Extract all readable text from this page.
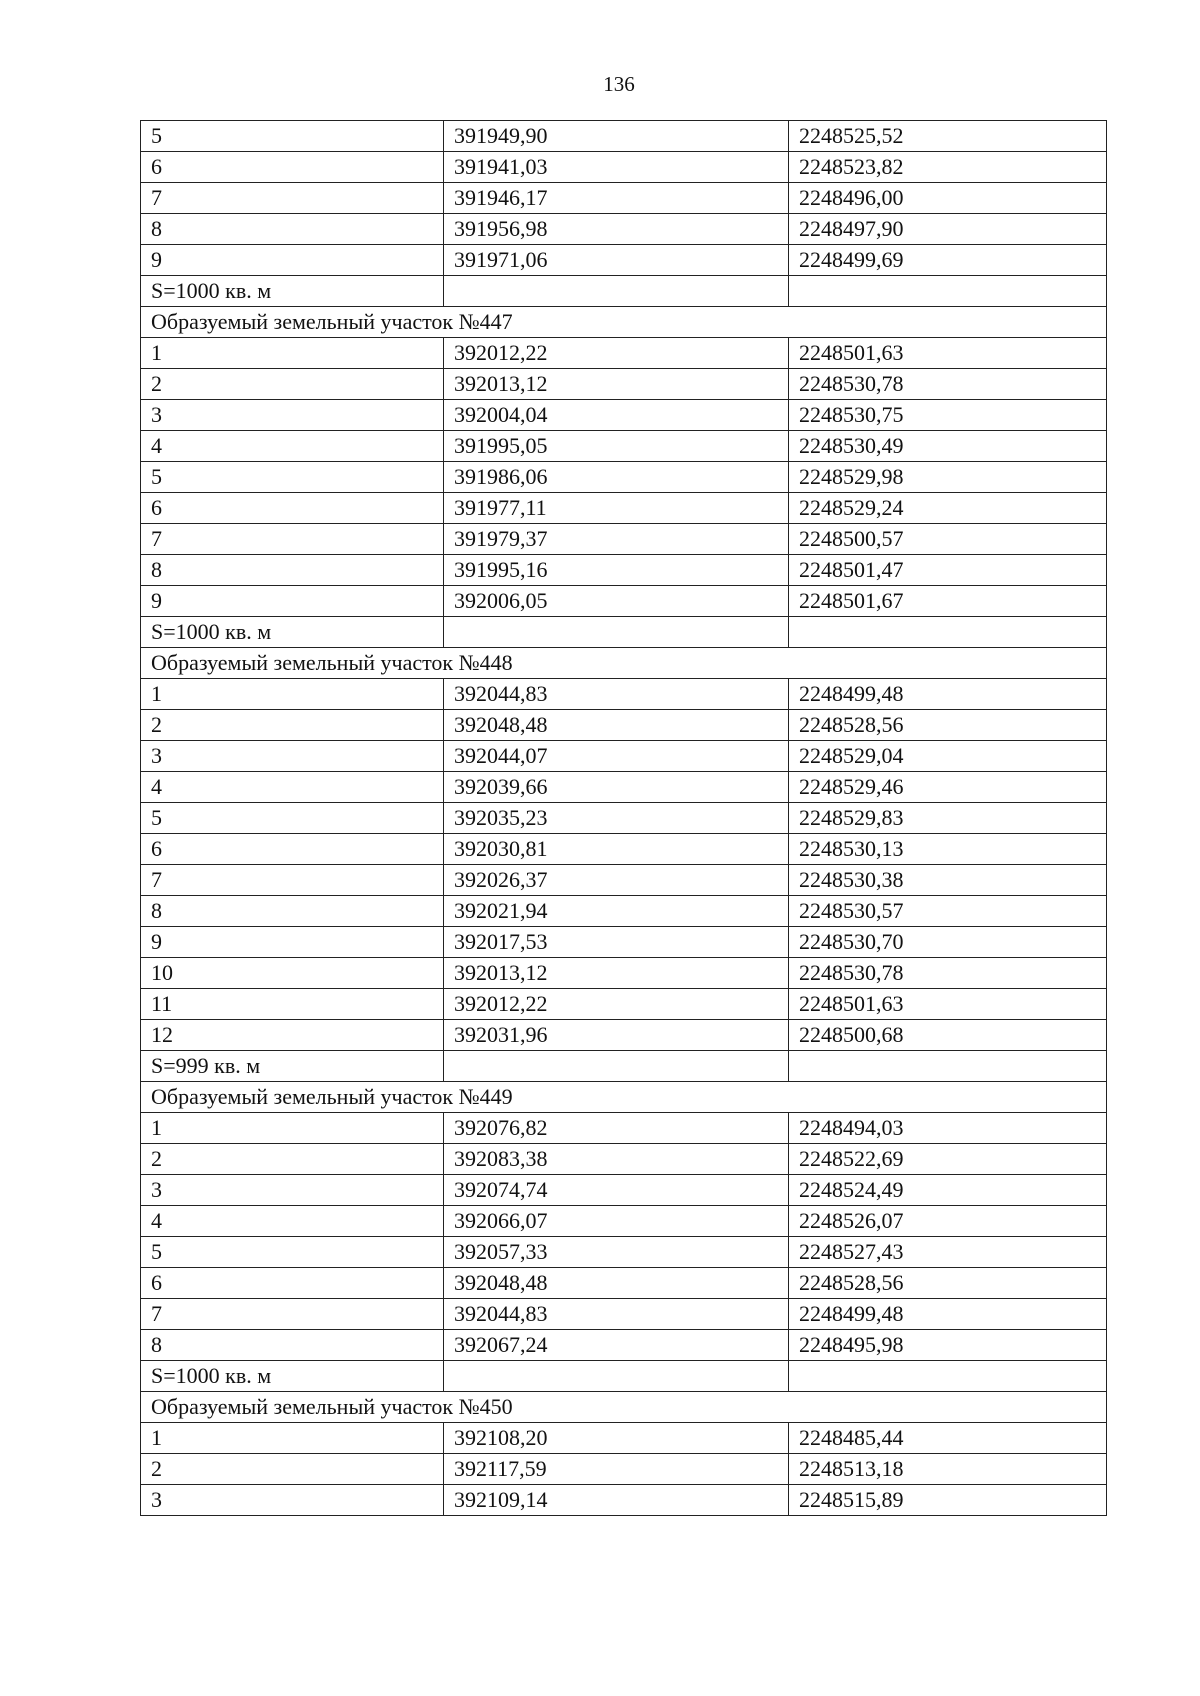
136
5	391949,90	2248525,52
6	391941,03	2248523,82
7	391946,17	2248496,00
8	391956,98	2248497,90
9	391971,06	2248499,69
S=1000 кв. м		
Образуемый земельный участок №447		
1	392012,22	2248501,63
2	392013,12	2248530,78
3	392004,04	2248530,75
4	391995,05	2248530,49
5	391986,06	2248529,98
6	391977,11	2248529,24
7	391979,37	2248500,57
8	391995,16	2248501,47
9	392006,05	2248501,67
S=1000 кв. м		
Образуемый земельный участок №448		
1	392044,83	2248499,48
2	392048,48	2248528,56
3	392044,07	2248529,04
4	392039,66	2248529,46
5	392035,23	2248529,83
6	392030,81	2248530,13
7	392026,37	2248530,38
8	392021,94	2248530,57
9	392017,53	2248530,70
10	392013,12	2248530,78
11	392012,22	2248501,63
12	392031,96	2248500,68
S=999 кв. м		
Образуемый земельный участок №449		
1	392076,82	2248494,03
2	392083,38	2248522,69
3	392074,74	2248524,49
4	392066,07	2248526,07
5	392057,33	2248527,43
6	392048,48	2248528,56
7	392044,83	2248499,48
8	392067,24	2248495,98
S=1000 кв. м		
Образуемый земельный участок №450		
1	392108,20	2248485,44
2	392117,59	2248513,18
3	392109,14	2248515,89
